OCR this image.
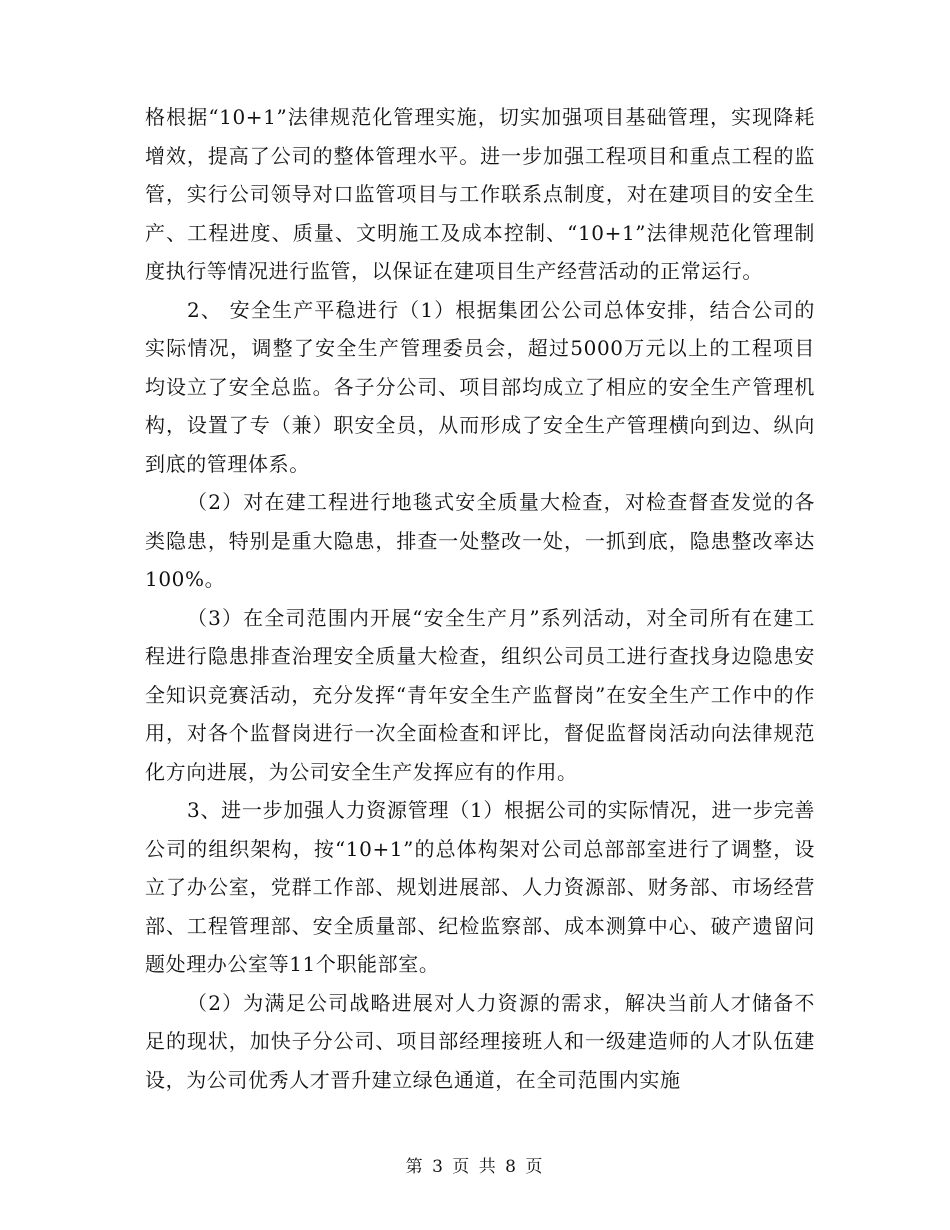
格根据“10+1”法律规范化管理实施，切实加强项目基础管理，实现降耗增效，提高了公司的整体管理水平。进一步加强工程项目和重点工程的监管，实行公司领导对口监管项目与工作联系点制度，对在建项目的安全生产、工程进度、质量、文明施工及成本控制、“10+1”法律规范化管理制度执行等情况进行监管，以保证在建项目生产经营活动的正常运行。

2、 安全生产平稳进行（1）根据集团公公司总体安排，结合公司的实际情况，调整了安全生产管理委员会，超过5000万元以上的工程项目均设立了安全总监。各子分公司、项目部均成立了相应的安全生产管理机构，设置了专（兼）职安全员，从而形成了安全生产管理横向到边、纵向到底的管理体系。

（2）对在建工程进行地毯式安全质量大检查，对检查督查发觉的各类隐患，特别是重大隐患，排查一处整改一处，一抓到底，隐患整改率达100%。

（3）在全司范围内开展“安全生产月”系列活动，对全司所有在建工程进行隐患排查治理安全质量大检查，组织公司员工进行查找身边隐患安全知识竞赛活动，充分发挥“青年安全生产监督岗”在安全生产工作中的作用，对各个监督岗进行一次全面检查和评比，督促监督岗活动向法律规范化方向进展，为公司安全生产发挥应有的作用。

3、进一步加强人力资源管理（1）根据公司的实际情况，进一步完善公司的组织架构，按“10+1”的总体构架对公司总部部室进行了调整，设立了办公室，党群工作部、规划进展部、人力资源部、财务部、市场经营部、工程管理部、安全质量部、纪检监察部、成本测算中心、破产遗留问题处理办公室等11个职能部室。

（2）为满足公司战略进展对人力资源的需求，解决当前人才储备不足的现状，加快子分公司、项目部经理接班人和一级建造师的人才队伍建设，为公司优秀人才晋升建立绿色通道，在全司范围内实施

第 3 页 共 8 页
